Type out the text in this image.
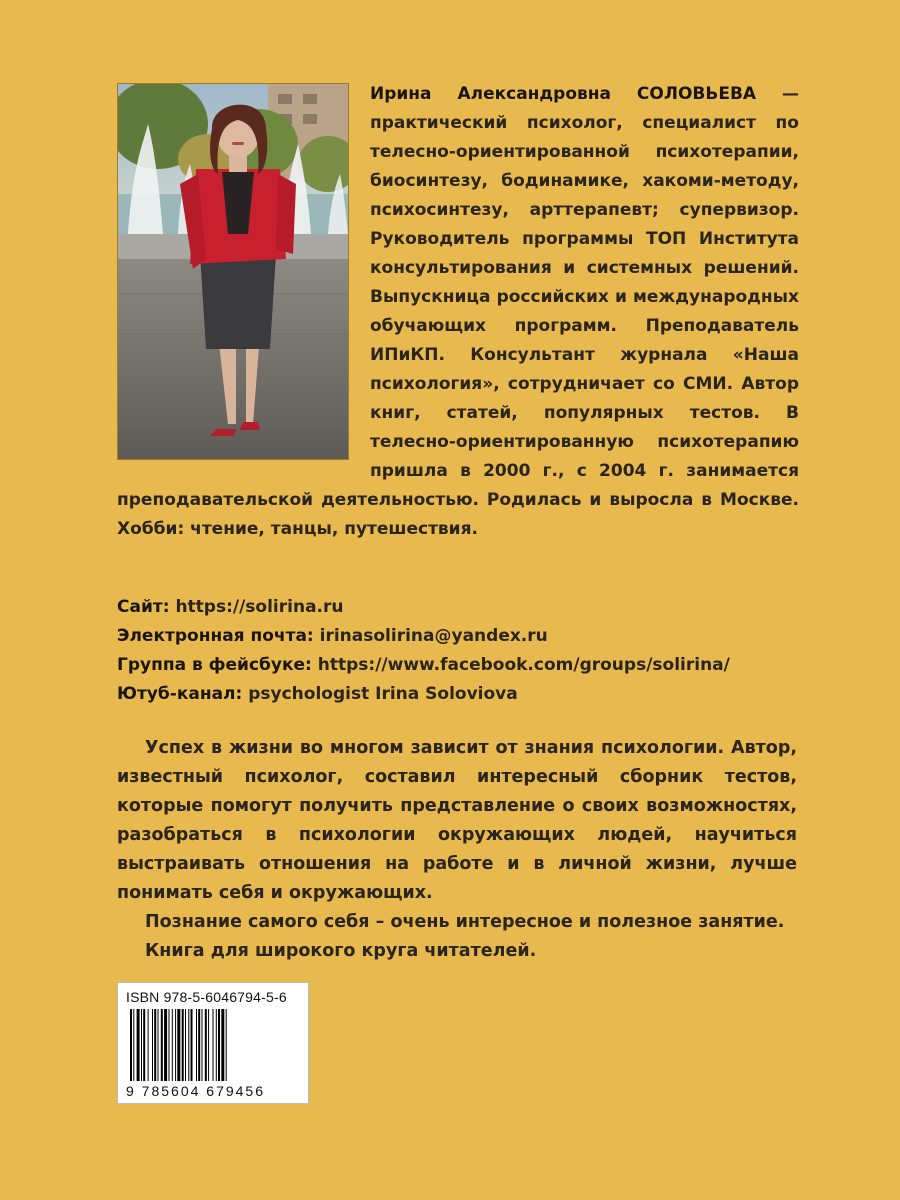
Ирина Александровна СОЛОВЬЕВА — практический психолог, специалист по телесно-ориентированной психотерапии, биосинтезу, бодинамике, хакоми-методу, психосинтезу, арттерапевт; супервизор. Руководитель программы ТОП Института консультирования и системных решений. Выпускница российских и международных обучающих программ. Преподаватель ИПиКП. Консультант журнала «Наша психология», сотрудничает со СМИ. Автор книг, статей, популярных тестов. В телесно-ориентированную психотерапию пришла в 2000 г., с 2004 г. занимается преподавательской деятельностью. Родилась и выросла в Москве. Хобби: чтение, танцы, путешествия.

Сайт: https://solirina.ru
Электронная почта: irinasolirina@yandex.ru
Группа в фейсбуке: https://www.facebook.com/groups/solirina/
Ютуб-канал: psychologist Irina Soloviova

Успех в жизни во многом зависит от знания психологии. Автор, известный психолог, составил интересный сборник тестов, которые помогут получить представление о своих возможностях, разобраться в психологии окружающих людей, научиться выстраивать отношения на работе и в личной жизни, лучше понимать себя и окружающих.

Познание самого себя – очень интересное и полезное занятие.

Книга для широкого круга читателей.

ISBN 978-5-6046794-5-6
9 785604 679456
